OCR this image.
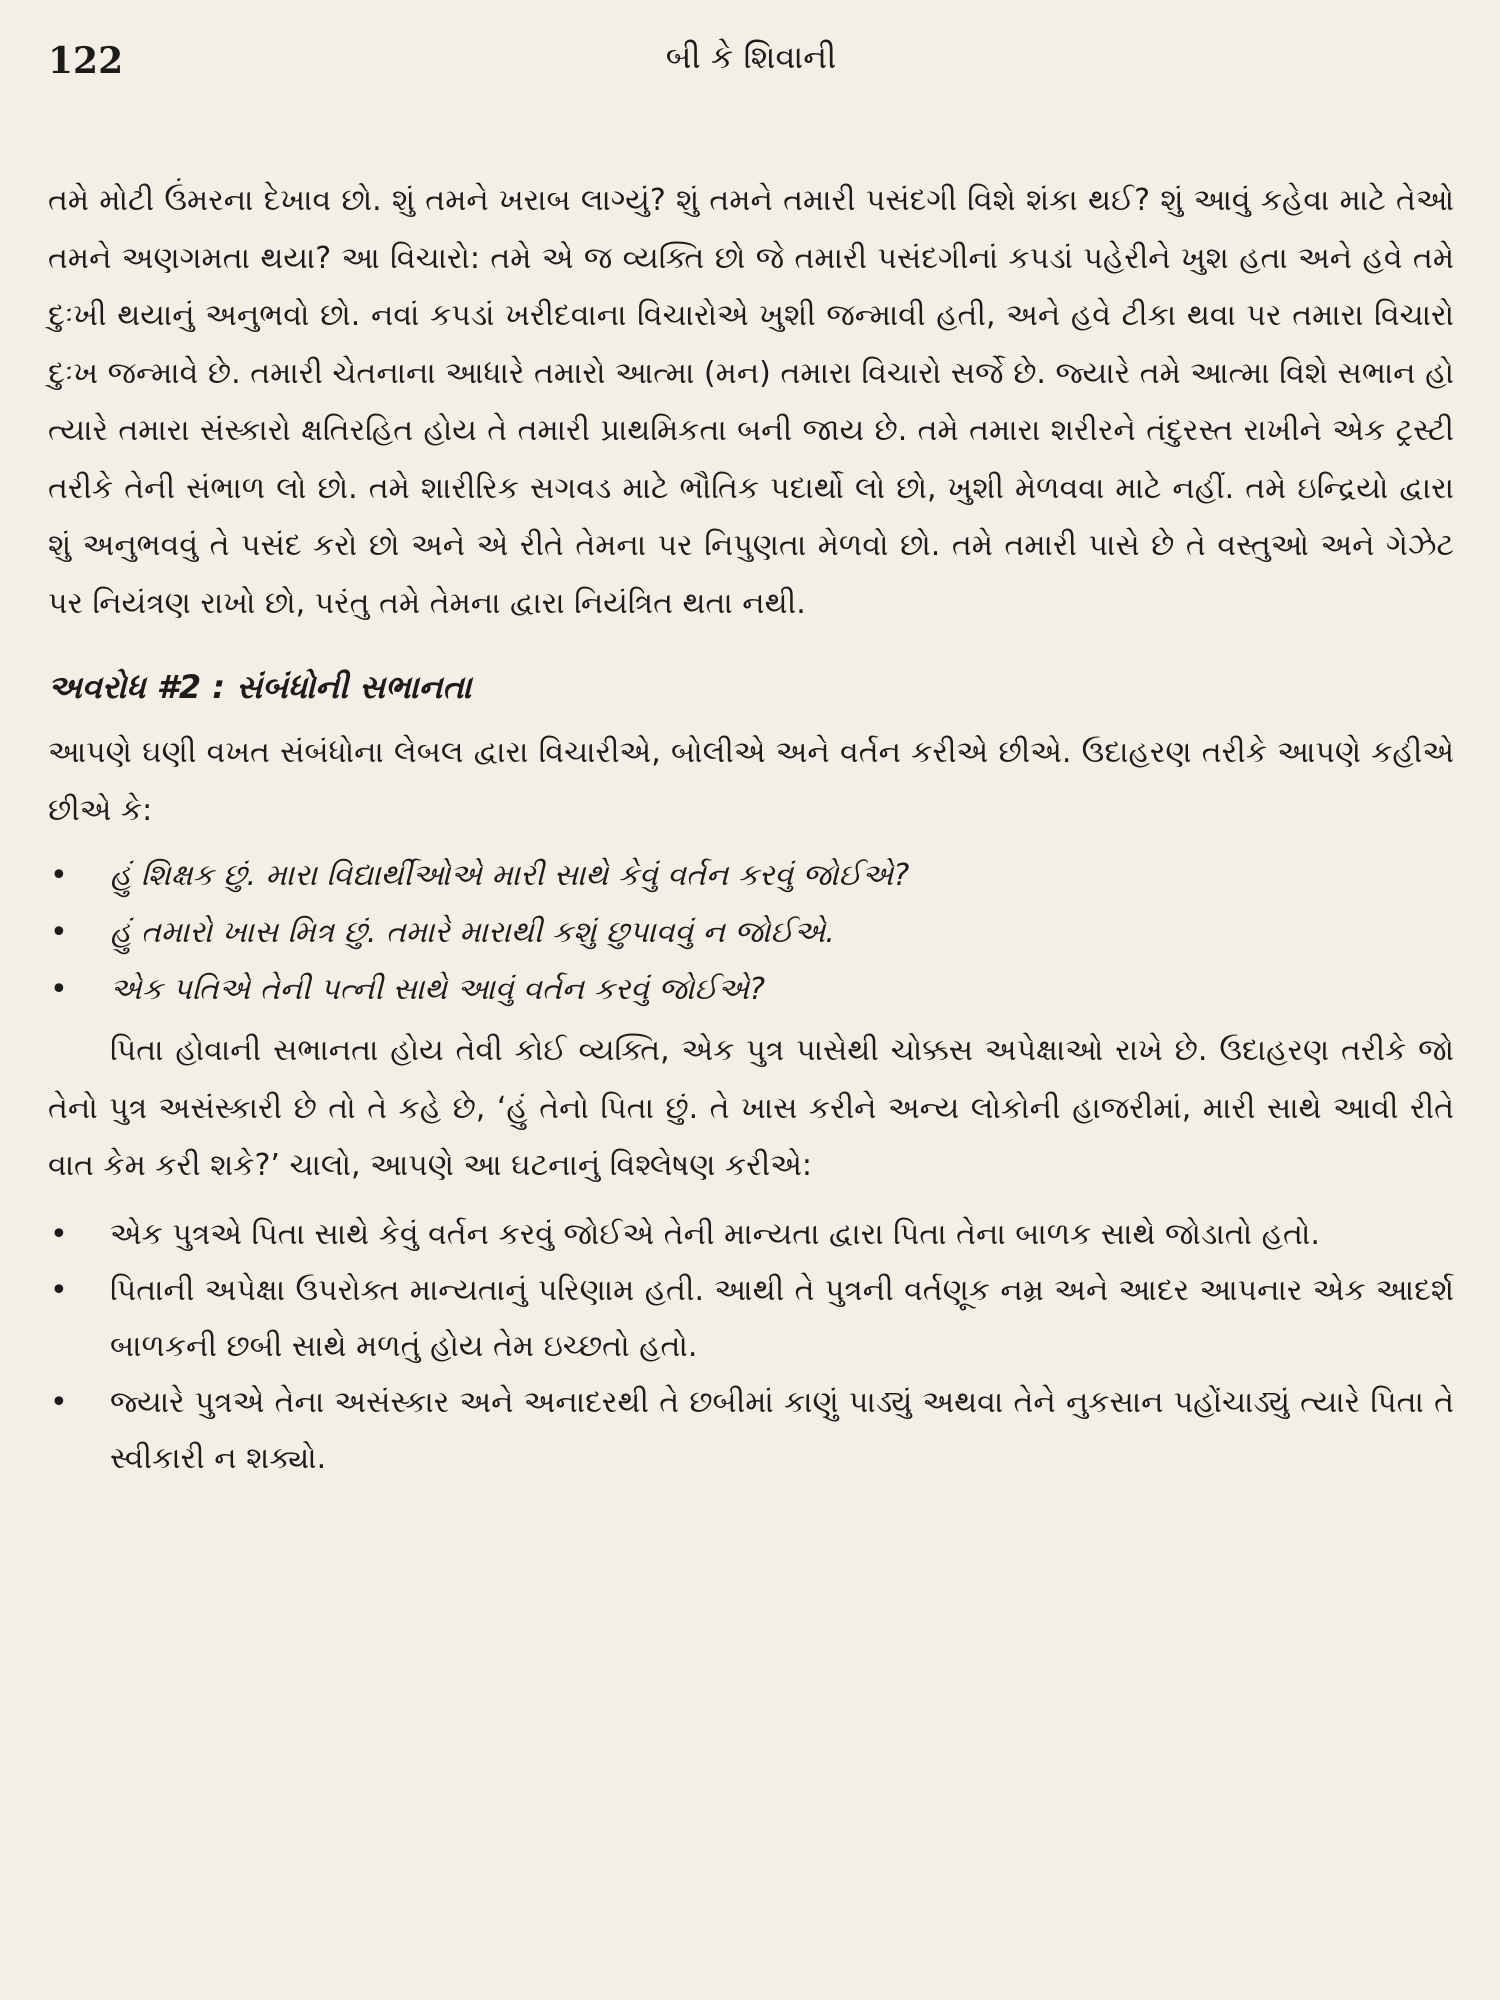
122	બી કે શિવાની

તમે મોટી ઉંમરના દેખાવ છો. શું તમને ખરાબ લાગ્યું? શું તમને તમારી પસંદગી વિશે શંકા થઈ? શું આવું કહેવા માટે તેઓ તમને અણગમતા થયા? આ વિચારો: તમે એ જ વ્યક્તિ છો જે તમારી પસંદગીનાં કપડાં પહેરીને ખુશ હતા અને હવે તમે દુઃખી થયાનું અનુભવો છો. નવાં કપડાં ખરીદવાના વિચારોએ ખુશી જન્માવી હતી, અને હવે ટીકા થવા પર તમારા વિચારો દુઃખ જન્માવે છે. તમારી ચેતનાના આધારે તમારો આત્મા (મન) તમારા વિચારો સર્જે છે. જ્યારે તમે આત્મા વિશે સભાન હો ત્યારે તમારા સંસ્કારો ક્ષતિરહિત હોય તે તમારી પ્રાથમિકતા બની જાય છે. તમે તમારા શરીરને તંદુરસ્ત રાખીને એક ટ્રસ્ટી તરીકે તેની સંભાળ લો છો. તમે શારીરિક સગવડ માટે ભૌતિક પદાર્થો લો છો, ખુશી મેળવવા માટે નહીં. તમે ઇન્દ્રિયો દ્વારા શું અનુભવવું તે પસંદ કરો છો અને એ રીતે તેમના પર નિપુણતા મેળવો છો. તમે તમારી પાસે છે તે વસ્તુઓ અને ગેઝેટ પર નિયંત્રણ રાખો છો, પરંતુ તમે તેમના દ્વારા નિયંત્રિત થતા નથી.

અવરોધ #2 : સંબંધોની સભાનતા

આપણે ઘણી વખત સંબંધોના લેબલ દ્વારા વિચારીએ, બોલીએ અને વર્તન કરીએ છીએ. ઉદાહરણ તરીકે આપણે કહીએ છીએ કે:

• હું શિક્ષક છું. મારા વિદ્યાર્થીઓએ મારી સાથે કેવું વર્તન કરવું જોઈએ?
• હું તમારો ખાસ મિત્ર છું. તમારે મારાથી કશું છુપાવવું ન જોઈએ.
• એક પતિએ તેની પત્ની સાથે આવું વર્તન કરવું જોઈએ?

પિતા હોવાની સભાનતા હોય તેવી કોઈ વ્યક્તિ, એક પુત્ર પાસેથી ચોક્કસ અપેક્ષાઓ રાખે છે. ઉદાહરણ તરીકે જો તેનો પુત્ર અસંસ્કારી છે તો તે કહે છે, ‘હું તેનો પિતા છું. તે ખાસ કરીને અન્ય લોકોની હાજરીમાં, મારી સાથે આવી રીતે વાત કેમ કરી શકે?’ ચાલો, આપણે આ ઘટનાનું વિશ્લેષણ કરીએ:

• એક પુત્રએ પિતા સાથે કેવું વર્તન કરવું જોઈએ તેની માન્યતા દ્વારા પિતા તેના બાળક સાથે જોડાતો હતો.
• પિતાની અપેક્ષા ઉપરોક્ત માન્યતાનું પરિણામ હતી. આથી તે પુત્રની વર્તણૂક નમ્ર અને આદર આપનાર એક આદર્શ બાળકની છબી સાથે મળતું હોય તેમ ઇચ્છતો હતો.
• જ્યારે પુત્રએ તેના અસંસ્કાર અને અનાદરથી તે છબીમાં કાણું પાડ્યું અથવા તેને નુકસાન પહોંચાડ્યું ત્યારે પિતા તે સ્વીકારી ન શક્યો.
